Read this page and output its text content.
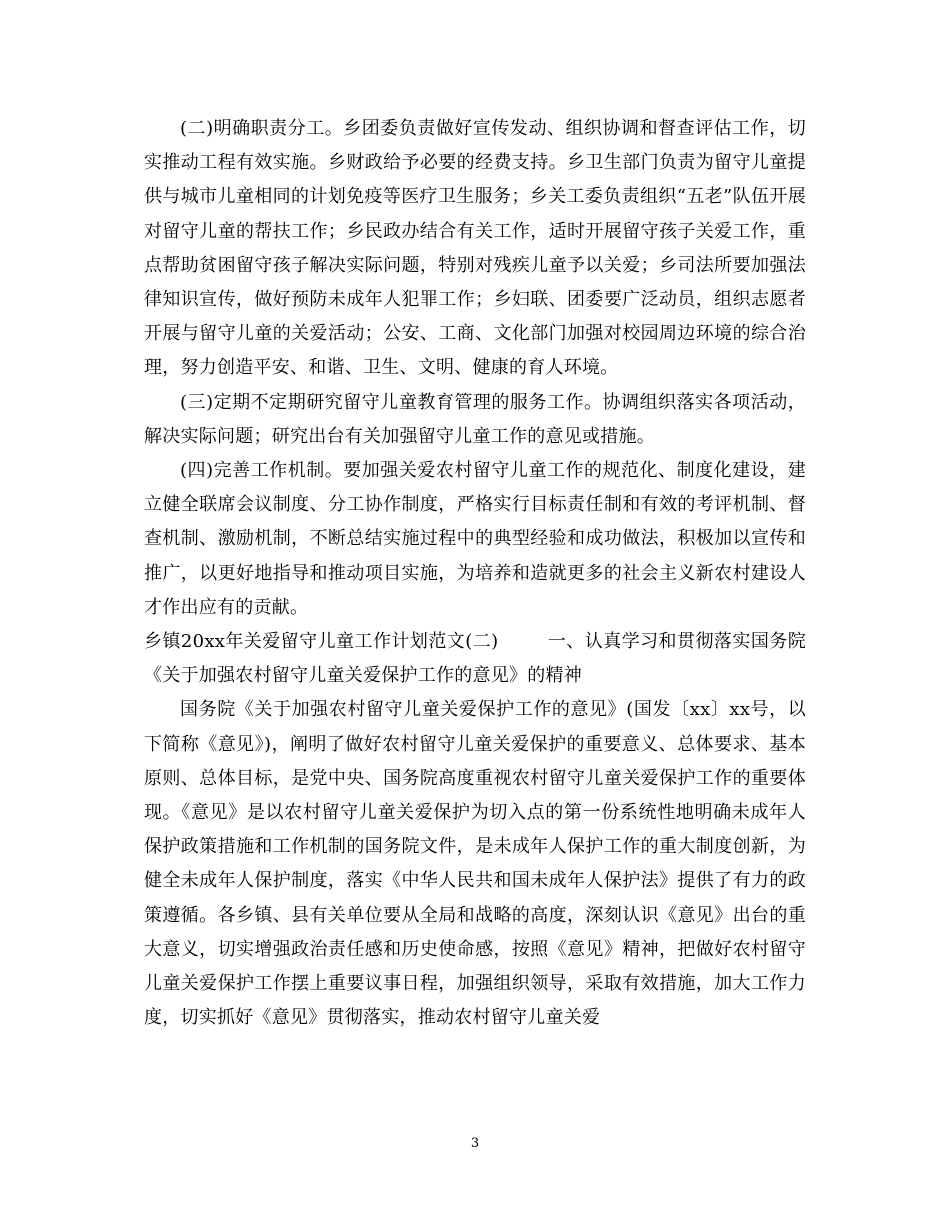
(二)明确职责分工。乡团委负责做好宣传发动、组织协调和督查评估工作，切实推动工程有效实施。乡财政给予必要的经费支持。乡卫生部门负责为留守儿童提供与城市儿童相同的计划免疫等医疗卫生服务；乡关工委负责组织“五老”队伍开展对留守儿童的帮扶工作；乡民政办结合有关工作，适时开展留守孩子关爱工作，重点帮助贫困留守孩子解决实际问题，特别对残疾儿童予以关爱；乡司法所要加强法律知识宣传，做好预防未成年人犯罪工作；乡妇联、团委要广泛动员，组织志愿者开展与留守儿童的关爱活动；公安、工商、文化部门加强对校园周边环境的综合治理，努力创造平安、和谐、卫生、文明、健康的育人环境。

(三)定期不定期研究留守儿童教育管理的服务工作。协调组织落实各项活动，解决实际问题；研究出台有关加强留守儿童工作的意见或措施。

(四)完善工作机制。要加强关爱农村留守儿童工作的规范化、制度化建设，建立健全联席会议制度、分工协作制度，严格实行目标责任制和有效的考评机制、督查机制、激励机制，不断总结实施过程中的典型经验和成功做法，积极加以宣传和推广，以更好地指导和推动项目实施，为培养和造就更多的社会主义新农村建设人才作出应有的贡献。

乡镇20xx年关爱留守儿童工作计划范文(二)        一、认真学习和贯彻落实国务院《关于加强农村留守儿童关爱保护工作的意见》的精神

国务院《关于加强农村留守儿童关爱保护工作的意见》(国发〔xx〕xx号，以下简称《意见》)，阐明了做好农村留守儿童关爱保护的重要意义、总体要求、基本原则、总体目标，是党中央、国务院高度重视农村留守儿童关爱保护工作的重要体现。《意见》是以农村留守儿童关爱保护为切入点的第一份系统性地明确未成年人保护政策措施和工作机制的国务院文件，是未成年人保护工作的重大制度创新，为健全未成年人保护制度，落实《中华人民共和国未成年人保护法》提供了有力的政策遵循。各乡镇、县有关单位要从全局和战略的高度，深刻认识《意见》出台的重大意义，切实增强政治责任感和历史使命感，按照《意见》精神，把做好农村留守儿童关爱保护工作摆上重要议事日程，加强组织领导，采取有效措施，加大工作力度，切实抓好《意见》贯彻落实，推动农村留守儿童关爱

3
